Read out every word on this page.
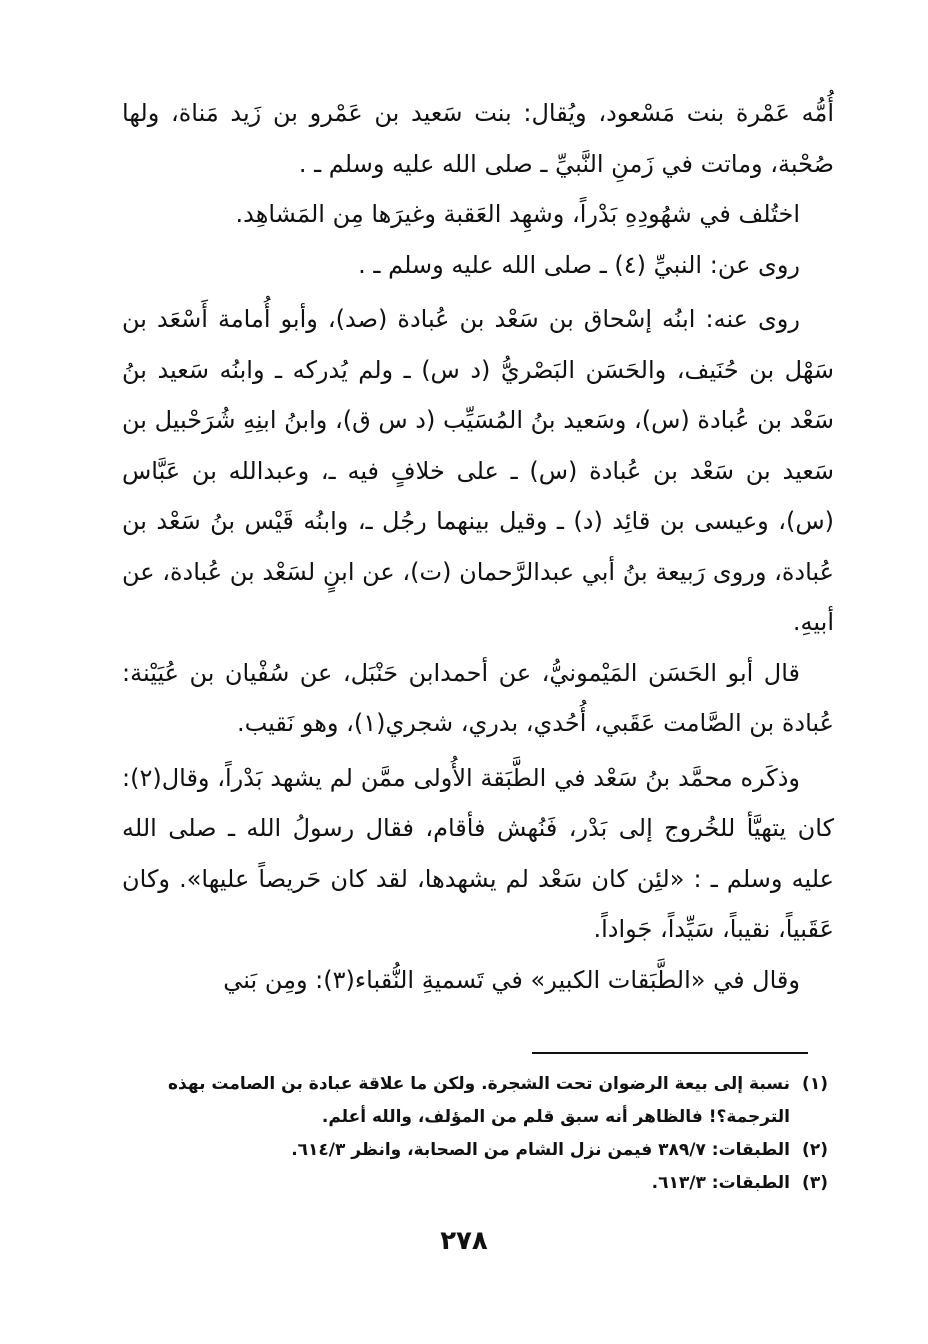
أُمُّه عَمْرة بنت مَسْعود، ويُقال: بنت سَعيد بن عَمْرو بن زَيد مَناة، ولها صُحْبة، وماتت في زَمنِ النَّبيِّ ـ صلى الله عليه وسلم ـ .

اختُلف في شهُودِهِ بَدْراً، وشهِد العَقبة وغيرَها مِن المَشاهِد.

روى عن: النبيِّ (٤) ـ صلى الله عليه وسلم ـ .

روى عنه: ابنُه إسْحاق بن سَعْد بن عُبادة (صد)، وأبو أُمامة أَسْعَد بن سَهْل بن حُنَيف، والحَسَن البَصْريُّ (د س) ـ ولم يُدركه ـ وابنُه سَعيد بنُ سَعْد بن عُبادة (س)، وسَعيد بنُ المُسَيِّب (د س ق)، وابنُ ابنِهِ شُرَحْبيل بن سَعيد بن سَعْد بن عُبادة (س) ـ على خلافٍ فيه ـ، وعبدالله بن عَبَّاس (س)، وعيسى بن قائِد (د) ـ وقيل بينهما رجُل ـ، وابنُه قَيْس بنُ سَعْد بن عُبادة، وروى رَبيعة بنُ أبي عبدالرَّحمان (ت)، عن ابنٍ لسَعْد بن عُبادة، عن أبيهِ.

قال أبو الحَسَن المَيْمونيُّ، عن أحمدابن حَنْبَل، عن سُفْيان بن عُيَيْنة: عُبادة بن الصَّامت عَقَبي، أُحُدي، بدري، شجري(١)، وهو نَقيب.

وذكَره محمَّد بنُ سَعْد في الطَّبَقة الأُولى ممَّن لم يشهد بَدْراً، وقال(٢): كان يتهيَّأ للخُروج إلى بَدْر، فَنُهش فأقام، فقال رسولُ الله ـ صلى الله عليه وسلم ـ : «لئِن كان سَعْد لم يشهدها، لقد كان حَريصاً عليها». وكان عَقَبياً، نقيباً، سَيِّداً، جَواداً.

وقال في «الطَّبَقات الكبير» في تَسميةِ النُّقباء(٣): ومِن بَني

(١)
نسبة إلى بيعة الرضوان تحت الشجرة. ولكن ما علاقة عبادة بن الصامت بهذه الترجمة؟! فالظاهر أنه سبق قلم من المؤلف، والله أعلم.
(٢)
الطبقات: ٣٨٩/٧ فيمن نزل الشام من الصحابة، وانظر ٦١٤/٣.
(٣)
الطبقات: ٦١٣/٣.
٢٧٨
